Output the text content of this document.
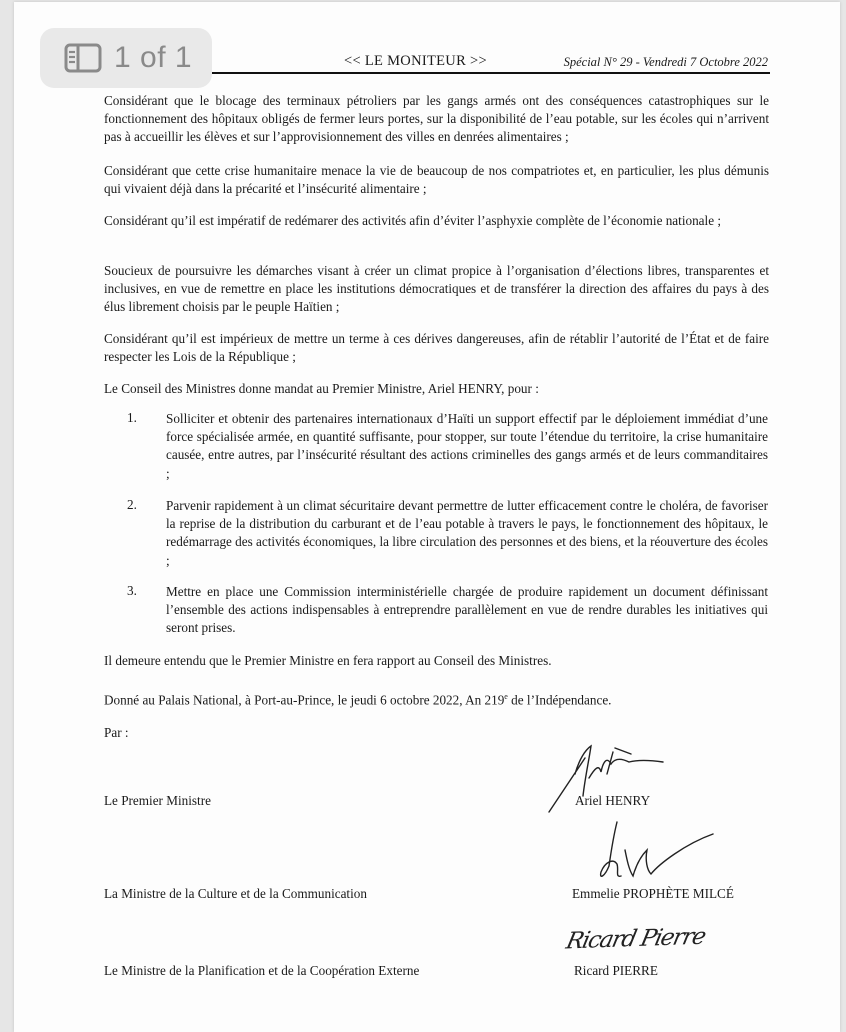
1 of 1	<< LE MONITEUR >>	Spécial N° 29 - Vendredi 7 Octobre 2022

Considérant que le blocage des terminaux pétroliers par les gangs armés ont des conséquences catastrophiques sur le fonctionnement des hôpitaux obligés de fermer leurs portes, sur la disponibilité de l’eau potable, sur les écoles qui n’arrivent pas à accueillir les élèves et sur l’approvisionnement des villes en denrées alimentaires ;

Considérant que cette crise humanitaire menace la vie de beaucoup de nos compatriotes et, en particulier, les plus démunis qui vivaient déjà dans la précarité et l’insécurité alimentaire ;

Considérant qu’il est impératif de redémarer des activités afin d’éviter l’asphyxie complète de l’économie nationale ;

Soucieux de poursuivre les démarches visant à créer un climat propice à l’organisation d’élections libres, transparentes et inclusives, en vue de remettre en place les institutions démocratiques et de transférer la direction des affaires du pays à des élus librement choisis par le peuple Haïtien ;

Considérant qu’il est impérieux de mettre un terme à ces dérives dangereuses, afin de rétablir l’autorité de l’État et de faire respecter les Lois de la République ;

Le Conseil des Ministres donne mandat au Premier Ministre, Ariel HENRY, pour :

1. Solliciter et obtenir des partenaires internationaux d’Haïti un support effectif par le déploiement immédiat d’une force spécialisée armée, en quantité suffisante, pour stopper, sur toute l’étendue du territoire, la crise humanitaire causée, entre autres, par l’insécurité résultant des actions criminelles des gangs armés et de leurs commanditaires ;

2. Parvenir rapidement à un climat sécuritaire devant permettre de lutter efficacement contre le choléra, de favoriser la reprise de la distribution du carburant et de l’eau potable à travers le pays, le fonctionnement des hôpitaux, le redémarrage des activités économiques, la libre circulation des personnes et des biens, et la réouverture des écoles ;

3. Mettre en place une Commission interministérielle chargée de produire rapidement un document définissant l’ensemble des actions indispensables à entreprendre parallèlement en vue de rendre durables les initiatives qui seront prises.

Il demeure entendu que le Premier Ministre en fera rapport au Conseil des Ministres.

Donné au Palais National, à Port-au-Prince, le jeudi 6 octobre 2022, An 219e de l’Indépendance.

Par :

Le Premier Ministre	Ariel HENRY
La Ministre de la Culture et de la Communication	Emmelie PROPHÈTE MILCÉ
Ricard Pierre
Le Ministre de la Planification et de la Coopération Externe	Ricard PIERRE
